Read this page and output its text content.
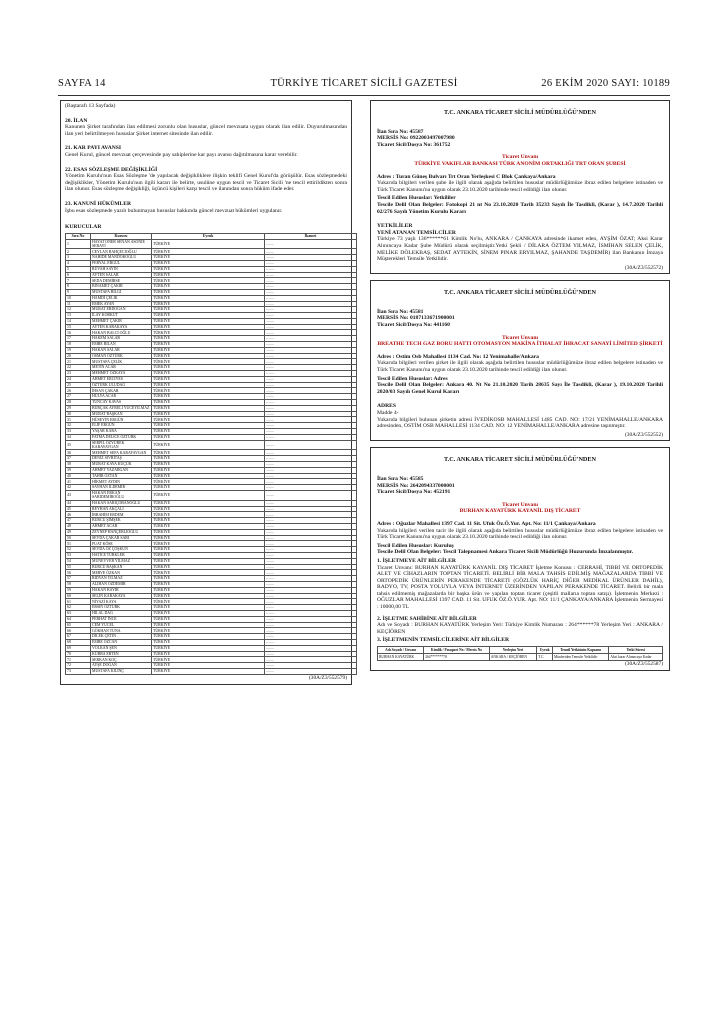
SAYFA 14	TÜRKİYE TİCARET SİCİLİ GAZETESİ	26 EKİM 2020 SAYI: 10189

(Baştarafı 13 Sayfada)

20. İLAN

Kanunen Şirket tarafından ilan edilmesi zorunlu olan hususlar, güncel mevzuata uygun olarak ilan edilir. Duyurulmasından ilan yeri belirtilmeyen hususlar Şirket internet sitesinde ilan edilir.

21. KAR PAYI AVANSI

Genel Kurul, güncel mevzuat çerçevesinde pay sahiplerine kar payı avansı dağıtılmasına karar verebilir.

22. ESAS SÖZLEŞME DEĞİŞİKLİĞİ

Yönetim Kurulu'nun Esas Sözleşme 'de yapılacak değişikliklere ilişkin teklifi Genel Kurul'da görüşülür. Esas sözleşmedeki değişiklikler, Yönetim Kurulu'nun ilgili kararı ile belirte, usulüne uygun tescil ve Ticaret Sicili 'ne tescil ettirildikten sonra ilan olunur. Esas sözleşme değişikliği, üçüncü kişileri karşı tescil ve ilanından sonra hüküm ifade eder.

23. KANUNİ HÜKÜMLER

İşbu esas sözleşmede yazılı bulunmayan hususlar hakkında güncel mevzuat hükümleri uygulanır.

KURUCULAR
Sıra No	Kurucu	Uyruk	İkamet
1	HAYAT ÖNER SENAN ASONİE SERAYİ	TÜRKİYE	........
2	CEYLAN BAHÇECIOĞLU	TÜRKİYE	........
3	NAHİDE MANDOKOĞLU	TÜRKİYE	........
4	FERYAL ERGÜL	TÜRKİYE	........
5	RÜVAH SAYİN	TÜRKİYE	........
6	AYTEN SALAR	TÜRKİYE	........
7	SEDA DEMİRSE	TÜRKİYE	........
8	BİNAMET ÇAKIR	TÜRKİYE	........
9	MUSTAFA BİLGİ	TÜRKİYE	........
10	HAMDİ ÇELİK	TÜRKİYE	........
11	EMEK AYAN	TÜRKİYE	........
12	MURAT ERDOĞAN	TÜRKİYE	........
13	İLAY KORKUT	TÜRKİYE	........
14	MEHMET ÇAKIR	TÜRKİYE	........
15	AYTEN KARAKAYA	TÜRKİYE	........
16	HAKAN BALCI OĞLU	TÜRKİYE	........
17	HAKEM SALAR	TÜRKİYE	........
18	EMRE BILAN	TÜRKİYE	........
19	HAKAN SALAR	TÜRKİYE	........
20	OSMAN ÖZTÜRK	TÜRKİYE	........
21	MUSTAFA ÇELİK	TÜRKİYE	........
22	METİN ACAR	TÜRKİYE	........
23	MEHMET ÖZKAYA	TÜRKİYE	........
24	AHMET ERCİYES	TÜRKİYE	........
25	ÖZTÜRK ULUDAĞ	TÜRKİYE	........
26	İHSAN ÇAKAR	TÜRKİYE	........
27	HÜLYA ACAR	TÜRKİYE	........
28	TUNCAY KAVAS	TÜRKİYE	........
29	BURÇAK AYRELİ YÜCEYILMAZ	TÜRKİYE	........
30	MURAT BAŞKAN	TÜRKİYE	........
31	HÜSEYİN ERGÜN	TÜRKİYE	........
32	ELİF ERGÜN	TÜRKİYE	........
33	YAŞAR KARA	TÜRKİYE	........
34	FATMA DELİCE ÖZTÜRK	TÜRKİYE	........
35	SERPİL ÖZYÜREK KARAYAVGAN	TÜRKİYE	........
36	MEHMET SEFA KARAYAVGAN	TÜRKİYE	........
37	DENİZ SİVRİTAŞ	TÜRKİYE	........
38	MURAT KAYA KÜÇÜK	TÜRKİYE	........
39	AHMET YAZARGAN	TÜRKİYE	........
40	TAHİR ÖZTAN	TÜRKİYE	........
41	HİKMET AYDIN	TÜRKİYE	........
42	SAYHAN İLDEMİR	TÜRKİYE	........
43	HAKAN ERKAN SARIDEMİROĞLU	TÜRKİYE	........
44	HAKAN SARIÇOBANOĞLU	TÜRKİYE	........
45	REYHAN AKÇALI	TÜRKİYE	........
46	İBRAHİM ERDEM	TÜRKİYE	........
47	BURCU ŞİMŞEK	TÜRKİYE	........
48	AHMET ACAR	TÜRKİYE	........
49	ZEYNEP HANÇERLİOĞLU	TÜRKİYE	........
50	SEVDA ÇAKAR SARI	TÜRKİYE	........
51	FUAT KÖSE	TÜRKİYE	........
52	SEVDA ÖZ ÇOŞKUN	TÜRKİYE	........
53	HATİCE TÜRKLER	TÜRKİYE	........
54	MÜNEVVER YILMAZ	TÜRKİYE	........
55	BURCU BAŞKAN	TÜRKİYE	........
56	MERVE ÖZKAN	TÜRKİYE	........
57	RIDVAN YILMAZ	TÜRKİYE	........
58	ALİHAN ÖZDEMİR	TÜRKİYE	........
59	HAKAN BAYIR	TÜRKİYE	........
60	SELİN KARAKAYA	TÜRKİYE	........
61	NİYAZİ KAYA	TÜRKİYE	........
62	ERSİN ÖZTÜRK	TÜRKİYE	........
63	HİLAL DAĞ	TÜRKİYE	........
64	FERHAT İNCE	TÜRKİYE	........
65	CEM YÜCEL	TÜRKİYE	........
66	GÖKHAN TUNA	TÜRKİYE	........
67	DİLEK ÇETİN	TÜRKİYE	........
68	EMRE ÖZCAN	TÜRKİYE	........
69	VOLKAN ŞEN	TÜRKİYE	........
70	KÜBRA ERTEN	TÜRKİYE	........
71	SERKAN KOÇ	TÜRKİYE	........
72	AYŞE DOĞAN	TÜRKİYE	........
73	MUSTAFA KILINÇ	TÜRKİYE	........
(30A/Z3/552579)
T.C. ANKARA TİCARET SİCİLİ MÜDÜRLÜĞÜ'NDEN
İlan Sıra No: 45587
MERSİS No: 0922003497007980
Ticaret Sicil/Dosya No: 361752
Ticaret Unvanı
TÜRKİYE VAKIFLAR BANKASI TÜRK ANONİM ORTAKLIĞI TRT ORAN ŞUBESİ
Adres : Turan Güneş Bulvarı Trt Oran Yerleşkesi C Blok Çankaya/Ankara

Yukarıda bilgileri verilen şube ile ilgili olarak aşağıda belirtilen hususlar müdürlüğümüze ibraz edilen belgelere istinaden ve Türk Ticaret Kanunu'na uygun olarak 23.10.2020 tarihinde tescil edildiği ilan olunur.

Tescil Edilen Hususlar: Yetkililer

Tescile Delil Olan Belgeler: Fotokopi 21 nt No 23.10.2020 Tarih 35233 Sayılı İle Tasdikli, (Karar ), 14.7.2020 Tarihli 02/276 Sayılı Yönetim Kurulu Kararı

YETKİLİLER
YENİ ATANAN TEMSİLCİLER

Türkiye 73 yaşlı 136******61 Kimlik No'lu, ANKARA / ÇANKAYA adresinde ikamet eden, AYŞİM ÖZAT; Aksi Karar Alınıncaya Kadar Şube Müdürü olarak seçilmiştir.Yetki Şekli / DİLARA ÖZTEM YILMAZ, İSMİHAN SELEN ÇELİK, MELİKE DÖLEKBAŞ, SEDAT AYTEKİN, SİNEM PINAR ERYILMAZ, ŞAHANDE TAŞDEMİR) ilan Bankanın İmzaya Müşterekleri Temsile Yetkilidir.

(30A/Z3/552572)
T.C. ANKARA TİCARET SİCİLİ MÜDÜRLÜĞÜ'NDEN
İlan Sıra No: 45581
MERSİS No: 0187133671900001
Ticaret Sicil/Dosya No: 441160
Ticaret Unvanı
BREATHE TECH GAZ BORU HATTI OTOMASYON MAKİNA İTHALAT İHRACAT SANAYİ LİMİTED ŞİRKETİ
Adres : Ostim Osb Mahallesi 1134 Cad. No: 12 Yenimahalle/Ankara

Yukarıda bilgileri verilen şirket ile ilgili olarak aşağıda belirtilen hususlar müdürlüğümüze ibraz edilen belgelere istinaden ve Türk Ticaret Kanunu'na uygun olarak 23.10.2020 tarihinde tescil edildiği ilan olunur.

Tescil Edilen Hususlar: Adres

Tescile Delil Olan Belgeler: Ankara 40. Nt No 21.10.2020 Tarih 28635 Sayı İle Tasdikli, (Karar ), 19.10.2020 Tarihli 2020/03 Sayılı Genel Kurul Kararı

ADRES
Madde 4-

Yukarıda bilgileri bulunan şirketin adresi İVEDİKOSB MAHALLESİ 1485 CAD. NO: 17/21 YENİMAHALLE/ANKARA adresinden, OSTİM OSB MAHALLESİ 1134 CAD. NO: 12 YENİMAHALLE/ANKARA adresine taşınmıştır.

(30A/Z3/552552)
T.C. ANKARA TİCARET SİCİLİ MÜDÜRLÜĞÜ'NDEN
İlan Sıra No: 45585
MERSİS No: 2642094337000001
Ticaret Sicil/Dosya No: 452191
Ticaret Unvanı
BURHAN KAYATÜRK KAYANİL DIŞ TİCARET
Adres : Oğuzlar Mahallesi 1397 Cad. 11 Sit. Ufuk Öz.Ö.Yur. Apt. No: 11/1 Çankaya/Ankara

Yukarıda bilgileri verilen tacir ile ilgili olarak aşağıda belirtilen hususlar müdürlüğümüze ibraz edilen belgelere istinaden ve Türk Ticaret Kanunu'na uygun olarak 23.10.2020 tarihinde tescil edildiği ilan olunur.

Tescil Edilen Hususlar: Kuruluş

Tescile Delil Olan Belgeler: Tescil Talepnamesi Ankara Ticaret Sicili Müdürlüğü Huzurunda İmzalanmıştır.

1. İŞLETMEYE AİT BİLGİLER

Ticaret Unvanı: BURHAN KAYATÜRK KAYANİL DIŞ TİCARET İşletme Konusu : CERRAHİ, TIBBİ VE ORTOPEDİK ALET VE CİHAZLARIN TOPTAN TİCARETİ. BELİRLİ BİR MALA TAHSİS EDİLMİŞ MAĞAZALARDA TIBBİ VE ORTOPEDİK ÜRÜNLERİN PERAKENDE TİCARETİ (GÖZLÜK HARİÇ DİĞER MEDİKAL ÜRÜNLER DAHİL), RADYO, TV, POSTA YOLUYLA VEYA İNTERNET ÜZERİNDEN YAPILAN PERAKENDE TİCARET. Belirli bir mala tahsis edilmemiş mağazalarda bir başka ürün ve yapılan toptan ticaret (çeşitli mallarıa toptan satışı). İşletmenin Merkezi : OĞUZLAR MAHALLESİ 1397 CAD. 11 Sit. UFUK ÖZ.Ö.YUR. Apt. NO: 11/1 ÇANKAYA/ANKARA İşletmenin Sermayesi : 10000,00 TL

2. İŞLETME SAHİBİNE AİT BİLGİLER

Adı ve Soyadı : BURHAN KAYATÜRK Yerleşim Yeri: Türkiye Kimlik Numarası : 264******78 Yerleşim Yeri : ANKARA / KEÇİÖREN

3. İŞLETMENİN TEMSİLCİLERİNE AİT BİLGİLER
Adı Soyadı / Unvanı	Kimlik / Pasaport No / Mersis No	Yerleşim Yeri	Uyruk	Temsil Yetkisinin Kapsamı	Yetki Süresi
BURHAN KAYATÜRK	264*******78	ANKARA / KEÇİÖREN	T.C.	Münferiden Temsile Yetkilidir	Aksi karar Alınıncaya Kadar
(30A/Z3/552587)
